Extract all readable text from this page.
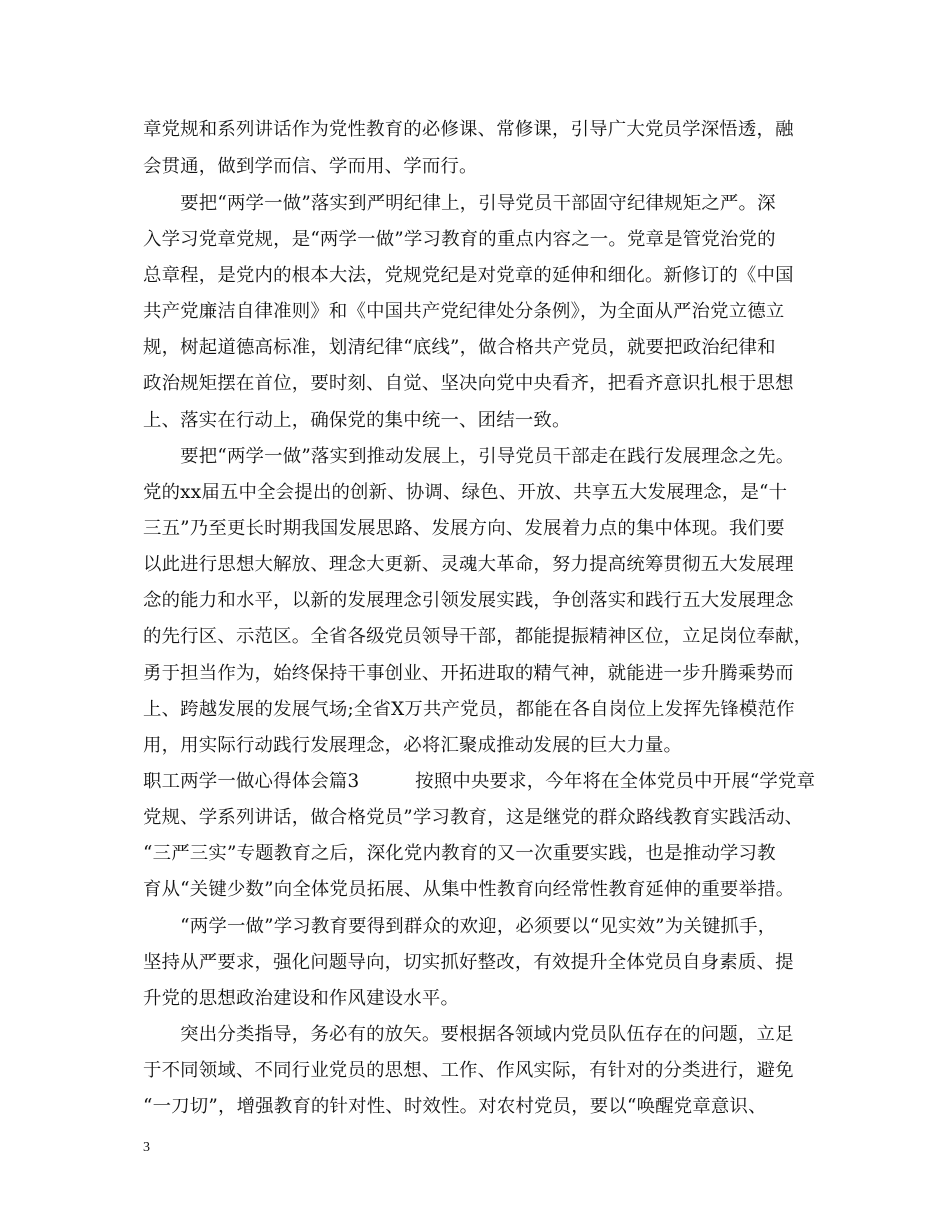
章党规和系列讲话作为党性教育的必修课、常修课，引导广大党员学深悟透，融
会贯通，做到学而信、学而用、学而行。
　　要把“两学一做”落实到严明纪律上，引导党员干部固守纪律规矩之严。深
入学习党章党规，是“两学一做”学习教育的重点内容之一。党章是管党治党的
总章程，是党内的根本大法，党规党纪是对党章的延伸和细化。新修订的《中国
共产党廉洁自律准则》和《中国共产党纪律处分条例》，为全面从严治党立德立
规，树起道德高标准，划清纪律“底线”，做合格共产党员，就要把政治纪律和
政治规矩摆在首位，要时刻、自觉、坚决向党中央看齐，把看齐意识扎根于思想
上、落实在行动上，确保党的集中统一、团结一致。
　　要把“两学一做”落实到推动发展上，引导党员干部走在践行发展理念之先。
党的xx届五中全会提出的创新、协调、绿色、开放、共享五大发展理念，是“十
三五”乃至更长时期我国发展思路、发展方向、发展着力点的集中体现。我们要
以此进行思想大解放、理念大更新、灵魂大革命，努力提高统筹贯彻五大发展理
念的能力和水平，以新的发展理念引领发展实践，争创落实和践行五大发展理念
的先行区、示范区。全省各级党员领导干部，都能提振精神区位，立足岗位奉献，
勇于担当作为，始终保持干事创业、开拓进取的精气神，就能进一步升腾乘势而
上、跨越发展的发展气场;全省X万共产党员，都能在各自岗位上发挥先锋模范作
用，用实际行动践行发展理念，必将汇聚成推动发展的巨大力量。
职工两学一做心得体会篇3　　　按照中央要求，今年将在全体党员中开展“学党章
党规、学系列讲话，做合格党员”学习教育，这是继党的群众路线教育实践活动、
“三严三实”专题教育之后，深化党内教育的又一次重要实践，也是推动学习教
育从“关键少数”向全体党员拓展、从集中性教育向经常性教育延伸的重要举措。
　　“两学一做”学习教育要得到群众的欢迎，必须要以“见实效”为关键抓手，
坚持从严要求，强化问题导向，切实抓好整改，有效提升全体党员自身素质、提
升党的思想政治建设和作风建设水平。
　　突出分类指导，务必有的放矢。要根据各领域内党员队伍存在的问题，立足
于不同领域、不同行业党员的思想、工作、作风实际，有针对的分类进行，避免
“一刀切”，增强教育的针对性、时效性。对农村党员，要以“唤醒党章意识、
3
